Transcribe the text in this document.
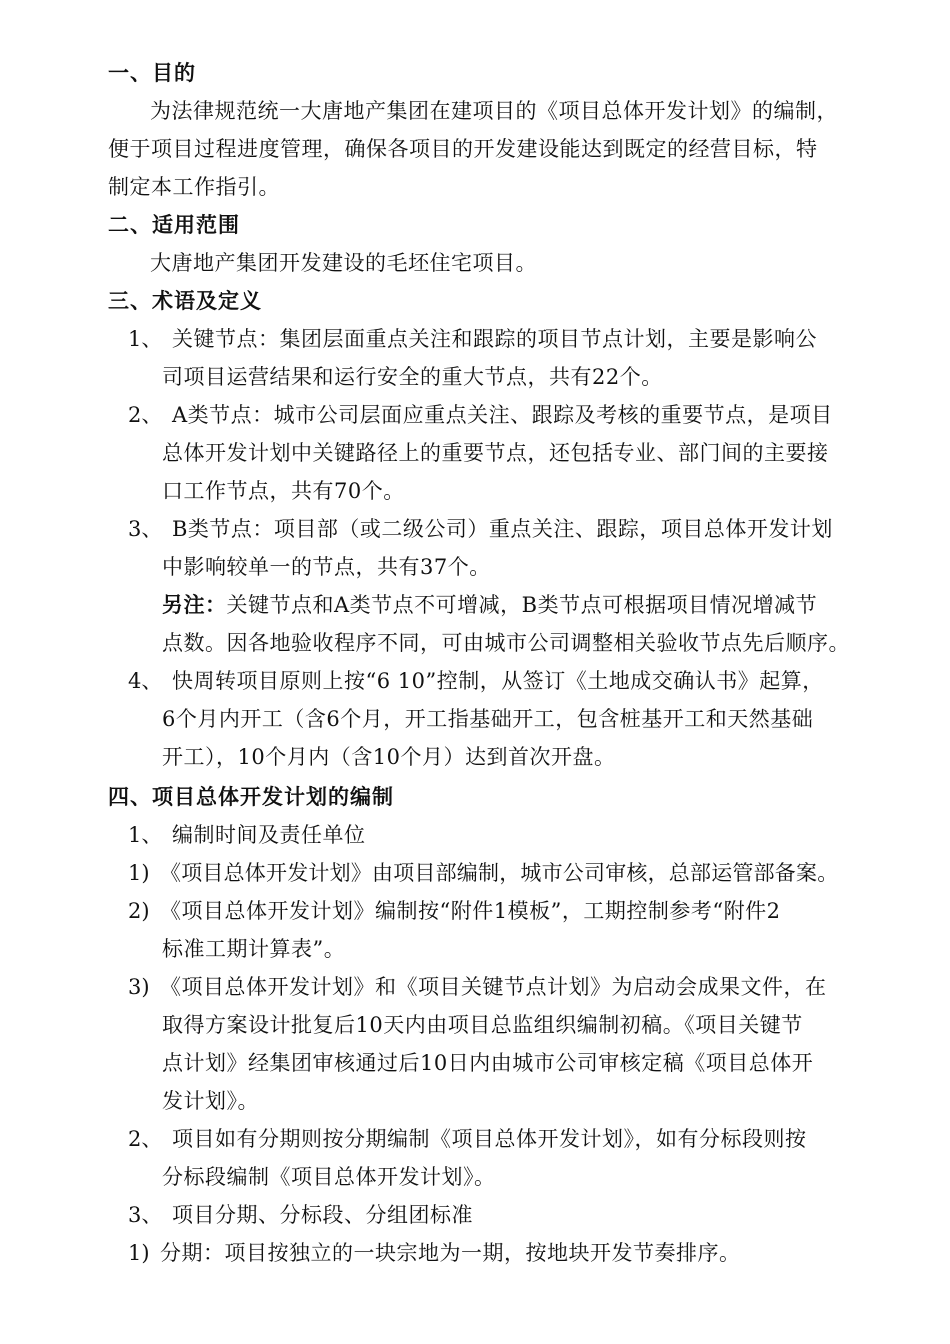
一、目的
为法律规范统一大唐地产集团在建项目的《项目总体开发计划》的编制，
便于项目过程进度管理，确保各项目的开发建设能达到既定的经营目标，特
制定本工作指引。
二、适用范围
大唐地产集团开发建设的毛坯住宅项目。
三、术语及定义
1、 关键节点：集团层面重点关注和跟踪的项目节点计划，主要是影响公
司项目运营结果和运行安全的重大节点，共有22个。
2、 A类节点：城市公司层面应重点关注、跟踪及考核的重要节点，是项目
总体开发计划中关键路径上的重要节点，还包括专业、部门间的主要接
口工作节点，共有70个。
3、 B类节点：项目部（或二级公司）重点关注、跟踪，项目总体开发计划
中影响较单一的节点，共有37个。
另注：关键节点和A类节点不可增减，B类节点可根据项目情况增减节
点数。因各地验收程序不同，可由城市公司调整相关验收节点先后顺序。
4、 快周转项目原则上按“6 10”控制，从签订《土地成交确认书》起算，
6个月内开工（含6个月，开工指基础开工，包含桩基开工和天然基础
开工），10个月内（含10个月）达到首次开盘。
四、项目总体开发计划的编制
1、 编制时间及责任单位
1) 《项目总体开发计划》由项目部编制，城市公司审核，总部运管部备案。
2) 《项目总体开发计划》编制按“附件1模板”，工期控制参考“附件2
标准工期计算表”。
3) 《项目总体开发计划》和《项目关键节点计划》为启动会成果文件，在
取得方案设计批复后10天内由项目总监组织编制初稿。《项目关键节
点计划》经集团审核通过后10日内由城市公司审核定稿《项目总体开
发计划》。
2、 项目如有分期则按分期编制《项目总体开发计划》，如有分标段则按
分标段编制《项目总体开发计划》。
3、 项目分期、分标段、分组团标准
1) 分期：项目按独立的一块宗地为一期，按地块开发节奏排序。
